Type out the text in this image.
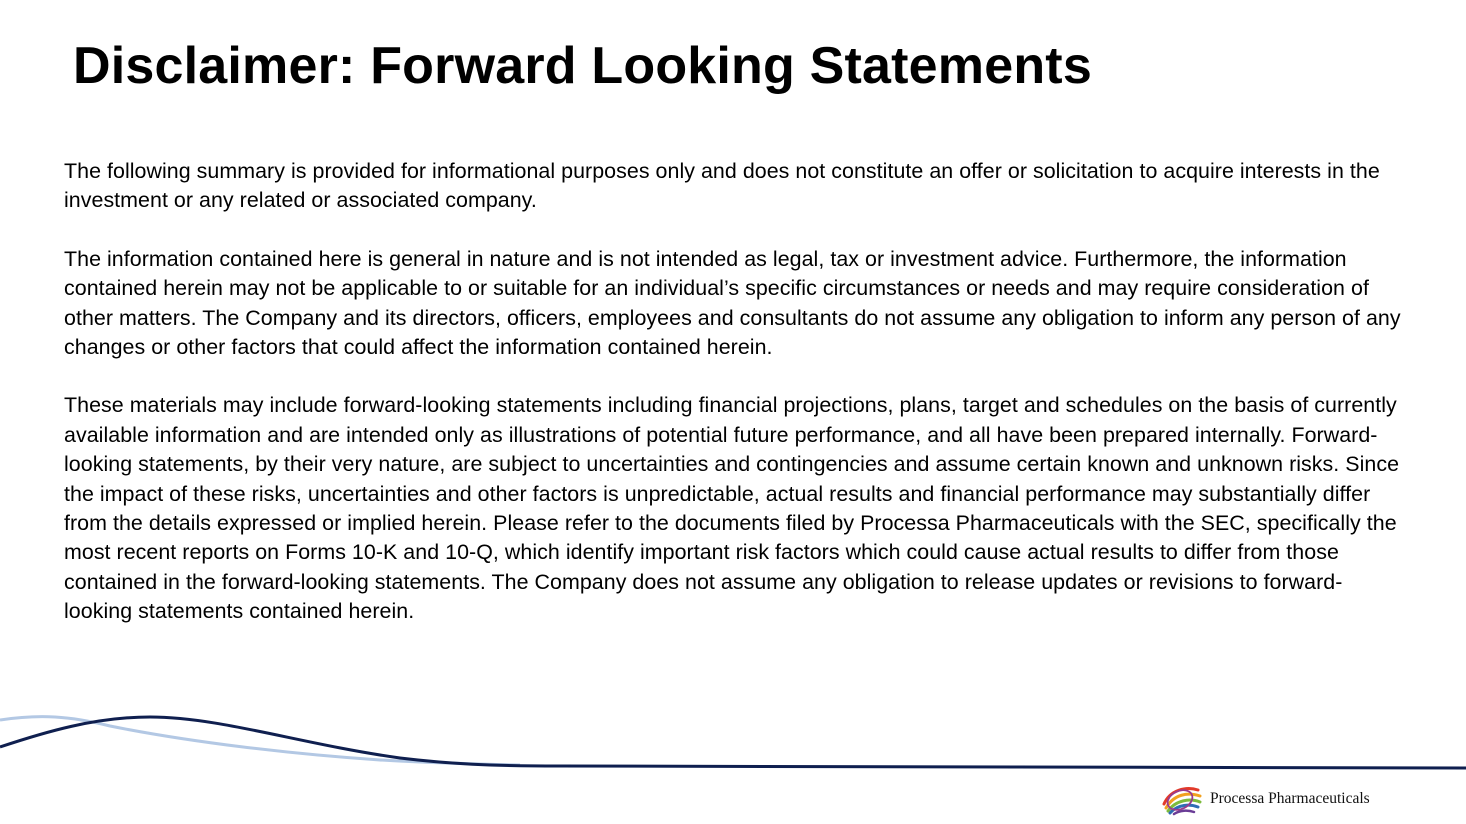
Disclaimer: Forward Looking Statements

The following summary is provided for informational purposes only and does not constitute an offer or solicitation to acquire interests in the investment or any related or associated company.

The information contained here is general in nature and is not intended as legal, tax or investment advice. Furthermore, the information contained herein may not be applicable to or suitable for an individual’s specific circumstances or needs and may require consideration of other matters. The Company and its directors, officers, employees and consultants do not assume any obligation to inform any person of any changes or other factors that could affect the information contained herein.

These materials may include forward-looking statements including financial projections, plans, target and schedules on the basis of currently available information and are intended only as illustrations of potential future performance, and all have been prepared internally. Forward-looking statements, by their very nature, are subject to uncertainties and contingencies and assume certain known and unknown risks. Since the impact of these risks, uncertainties and other factors is unpredictable, actual results and financial performance may substantially differ from the details expressed or implied herein. Please refer to the documents filed by Processa Pharmaceuticals with the SEC, specifically the most recent reports on Forms 10-K and 10-Q, which identify important risk factors which could cause actual results to differ from those contained in the forward-looking statements. The Company does not assume any obligation to release updates or revisions to forward-looking statements contained herein.

Processa Pharmaceuticals
